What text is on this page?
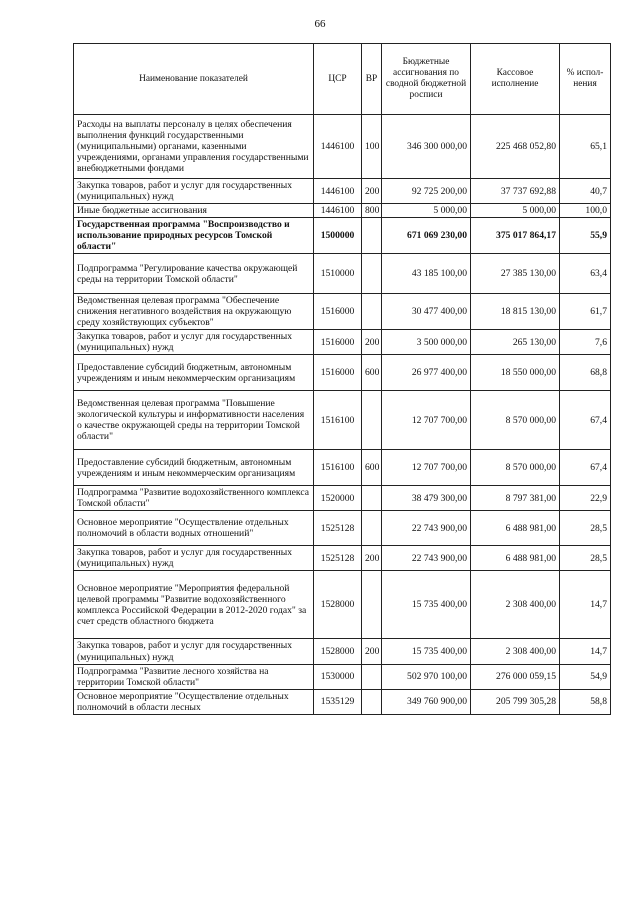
66
Наименование показателей	ЦСР	ВР	Бюджетные ассигнования по сводной бюджетной росписи	Кассовое исполнение	% испол-нения
Расходы на выплаты персоналу в целях обеспечения выполнения функций государственными (муниципальными) органами, казенными учреждениями, органами управления государственными внебюджетными фондами	1446100	100	346 300 000,00	225 468 052,80	65,1
Закупка товаров, работ и услуг для государственных (муниципальных) нужд	1446100	200	92 725 200,00	37 737 692,88	40,7
Иные бюджетные ассигнования	1446100	800	5 000,00	5 000,00	100,0
Государственная программа "Воспроизводство и использование природных ресурсов Томской области"	1500000		671 069 230,00	375 017 864,17	55,9
Подпрограмма "Регулирование качества окружающей среды на территории Томской области"	1510000		43 185 100,00	27 385 130,00	63,4
Ведомственная целевая программа "Обеспечение снижения негативного воздействия на окружающую среду хозяйствующих субъектов"	1516000		30 477 400,00	18 815 130,00	61,7
Закупка товаров, работ и услуг для государственных (муниципальных) нужд	1516000	200	3 500 000,00	265 130,00	7,6
Предоставление субсидий бюджетным, автономным учреждениям и иным некоммерческим организациям	1516000	600	26 977 400,00	18 550 000,00	68,8
Ведомственная целевая программа "Повышение экологической культуры и информативности населения о качестве окружающей среды на территории Томской области"	1516100		12 707 700,00	8 570 000,00	67,4
Предоставление субсидий бюджетным, автономным учреждениям и иным некоммерческим организациям	1516100	600	12 707 700,00	8 570 000,00	67,4
Подпрограмма "Развитие водохозяйственного комплекса Томской области"	1520000		38 479 300,00	8 797 381,00	22,9
Основное мероприятие "Осуществление отдельных полномочий в области водных отношений"	1525128		22 743 900,00	6 488 981,00	28,5
Закупка товаров, работ и услуг для государственных (муниципальных) нужд	1525128	200	22 743 900,00	6 488 981,00	28,5
Основное мероприятие "Мероприятия федеральной целевой программы "Развитие водохозяйственного комплекса Российской Федерации в 2012-2020 годах" за счет средств областного бюджета	1528000		15 735 400,00	2 308 400,00	14,7
Закупка товаров, работ и услуг для государственных (муниципальных) нужд	1528000	200	15 735 400,00	2 308 400,00	14,7
Подпрограмма "Развитие лесного хозяйства на территории Томской области"	1530000		502 970 100,00	276 000 059,15	54,9
Основное мероприятие "Осуществление отдельных полномочий в области лесных	1535129		349 760 900,00	205 799 305,28	58,8
